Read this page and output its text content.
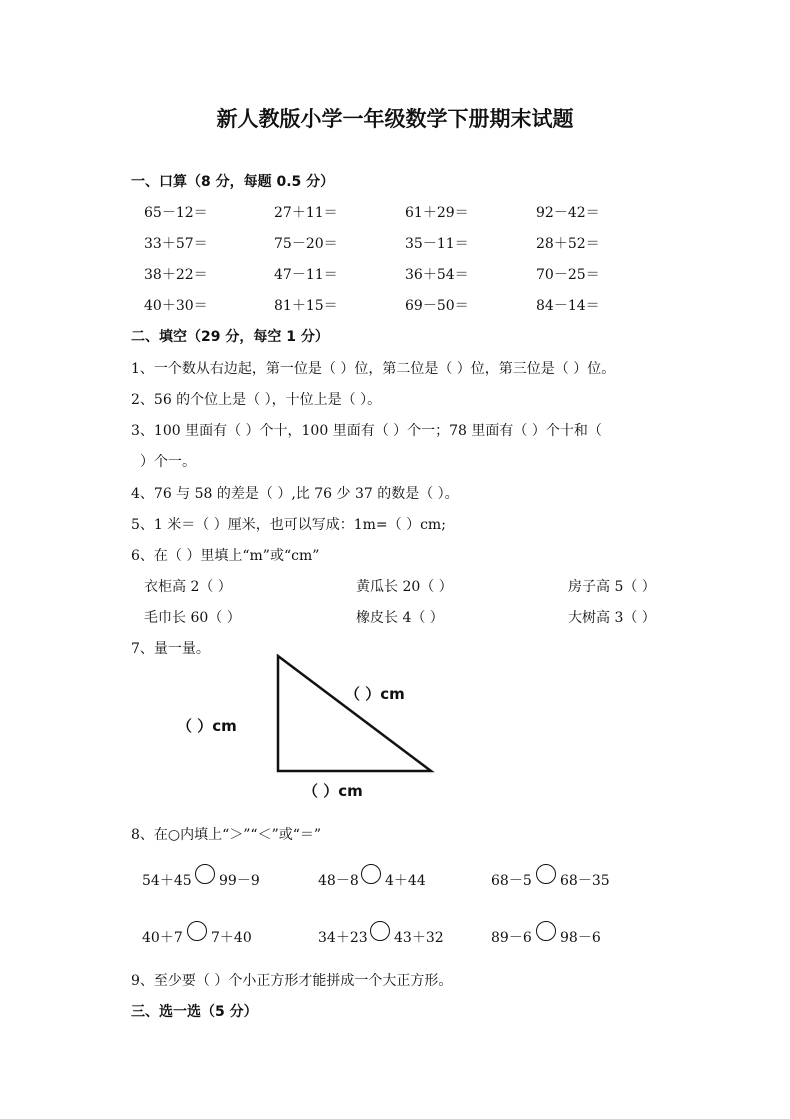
新人教版小学一年级数学下册期末试题
一、口算（8 分，每题 0.5 分）
65－12＝	27＋11＝	61＋29＝	92－42＝
33＋57＝	75－20＝	35－11＝	28＋52＝
38＋22＝	47－11＝	36＋54＝	70－25＝
40＋30＝	81＋15＝	69－50＝	84－14＝
二、填空（29 分，每空 1 分）
1、一个数从右边起，第一位是（ ）位，第二位是（ ）位，第三位是（ ）位。
2、56 的个位上是（ ），十位上是（ ）。
3、100 里面有（ ）个十，100 里面有（ ）个一；78 里面有（ ）个十和（
）个一。
4、76 与 58 的差是（ ）,比 76 少 37 的数是（ ）。
5、1 米＝（ ）厘米，也可以写成：1m=（ ）cm;
6、在（ ）里填上“m”或“cm”
衣柜高 2（ ）	黄瓜长 20（ ）	房子高 5（ ）
毛巾长 60（ ）	橡皮长 4（ ）	大树高 3（ ）
7、量一量。
（ ）cm
（ ）cm
（ ）cm
8、在○内填上“＞”“＜”或“＝”
54＋45 99－9	48－8 4＋44	68－5 68－35
40＋7 7＋40	34＋23 43＋32	89－6 98－6
9、至少要（ ）个小正方形才能拼成一个大正方形。
三、选一选（5 分）
